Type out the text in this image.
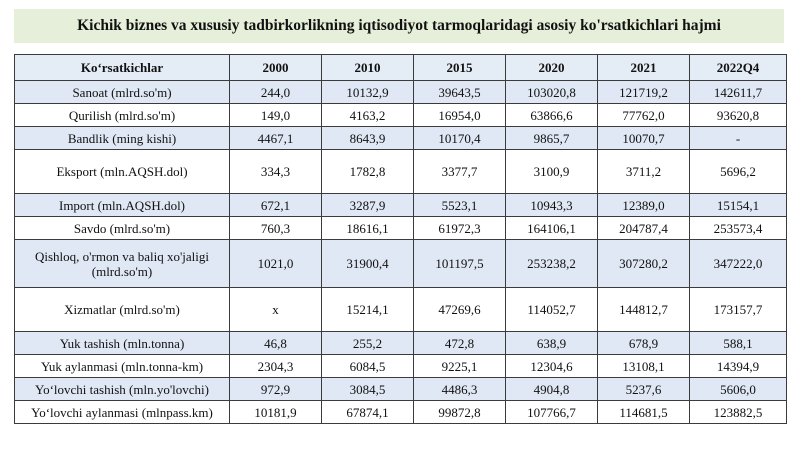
Kichik biznes va xususiy tadbirkorlikning iqtisodiyot tarmoqlaridagi asosiy ko'rsatkichlari hajmi
Ko‘rsatkichlar	2000	2010	2015	2020	2021	2022Q4
Sanoat (mlrd.so'm)	244,0	10132,9	39643,5	103020,8	121719,2	142611,7
Qurilish (mlrd.so'm)	149,0	4163,2	16954,0	63866,6	77762,0	93620,8
Bandlik (ming kishi)	4467,1	8643,9	10170,4	9865,7	10070,7	-
Eksport (mln.AQSH.dol)	334,3	1782,8	3377,7	3100,9	3711,2	5696,2
Import (mln.AQSH.dol)	672,1	3287,9	5523,1	10943,3	12389,0	15154,1
Savdo (mlrd.so'm)	760,3	18616,1	61972,3	164106,1	204787,4	253573,4
Qishloq, o'rmon va baliq xo'jaligi (mlrd.so'm)	1021,0	31900,4	101197,5	253238,2	307280,2	347222,0
Xizmatlar (mlrd.so'm)	x	15214,1	47269,6	114052,7	144812,7	173157,7
Yuk tashish (mln.tonna)	46,8	255,2	472,8	638,9	678,9	588,1
Yuk aylanmasi (mln.tonna-km)	2304,3	6084,5	9225,1	12304,6	13108,1	14394,9
Yo‘lovchi tashish (mln.yo'lovchi)	972,9	3084,5	4486,3	4904,8	5237,6	5606,0
Yo‘lovchi aylanmasi (mlnpass.km)	10181,9	67874,1	99872,8	107766,7	114681,5	123882,5
